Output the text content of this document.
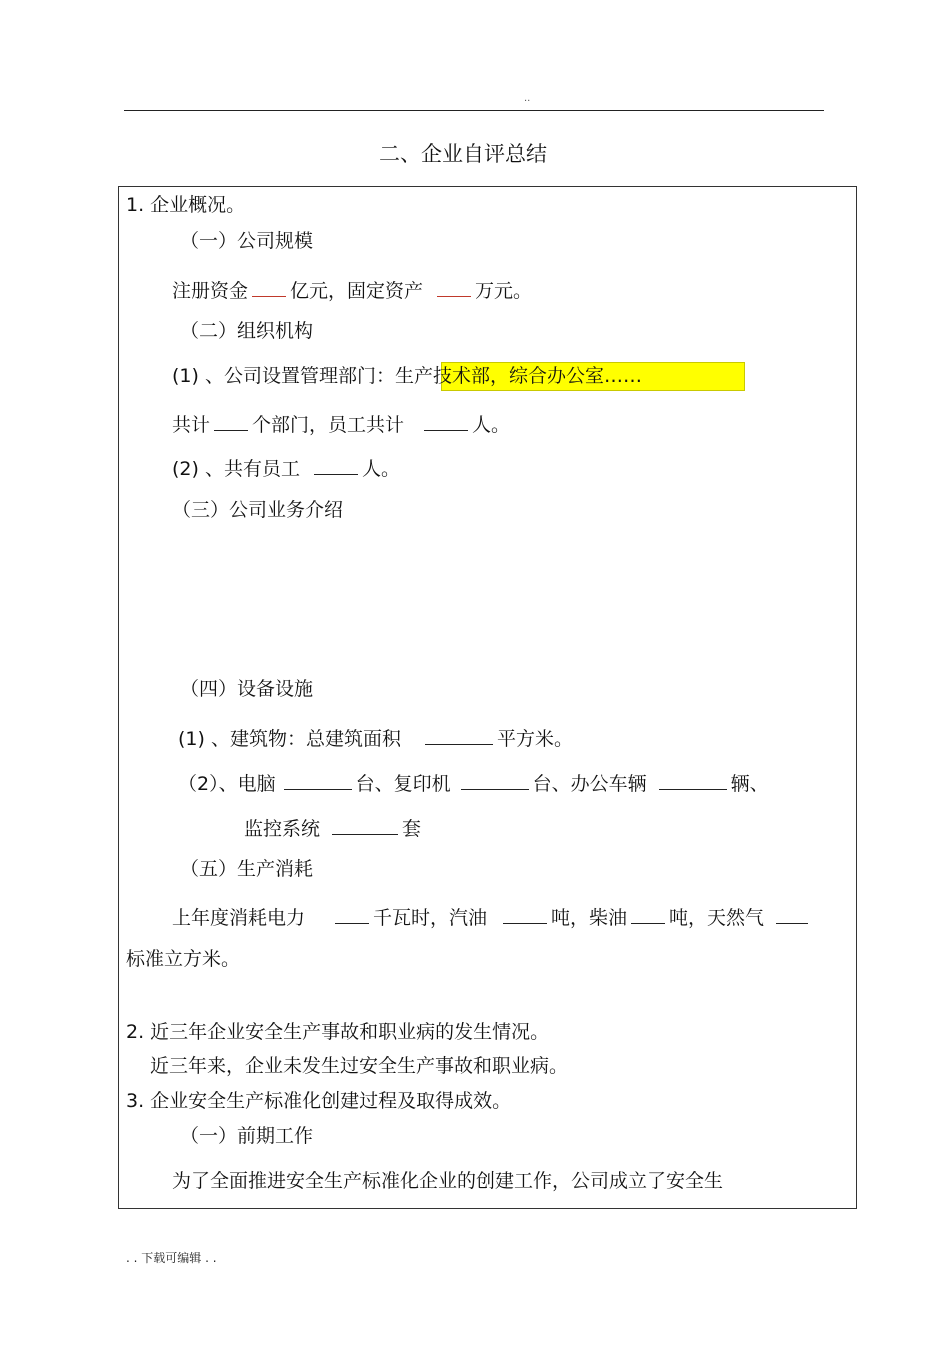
..
二、企业自评总结
1. 企业概况。
（一）公司规模
注册资金 亿元，固定资产	万元。
（二）组织机构
(1) 、公司设置管理部门：生产技术部，综合办公室……
共计 个部门，员工共计	人。
(2) 、共有员工	人。
（三）公司业务介绍
（四）设备设施
(1) 、建筑物：总建筑面积	平方米。
（2）、电脑	台、复印机	台、办公车辆	辆、
监控系统	套
（五）生产消耗
上年度消耗电力	千瓦时，汽油	吨，柴油 吨，天然气
标准立方米。
2. 近三年企业安全生产事故和职业病的发生情况。
近三年来，企业未发生过安全生产事故和职业病。
3. 企业安全生产标准化创建过程及取得成效。
（一）前期工作
为了全面推进安全生产标准化企业的创建工作，公司成立了安全生
. . 下载可编辑 . .
